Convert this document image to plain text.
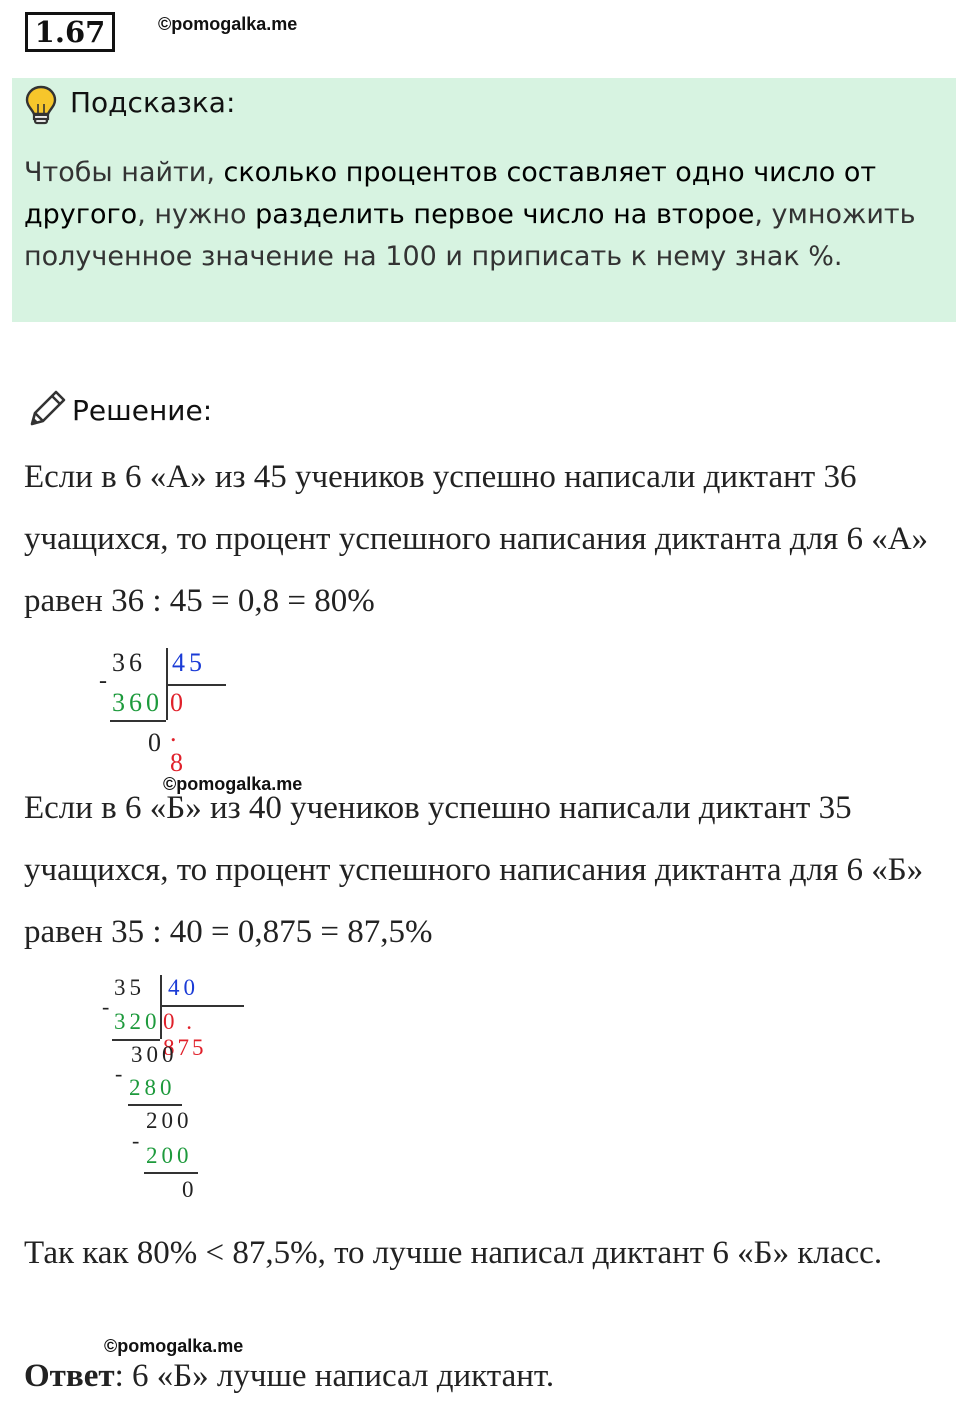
1.67	©pomogalka.me
Подсказка:
Чтобы найти, сколько процентов составляет одно число от другого, нужно разделить первое число на второе, умножить полученное значение на 100 и приписать к нему знак %.
Решение:
Если в 6 «А» из 45 учеников успешно написали диктант 36 учащихся, то процент успешного написания диктанта для 6 «А» равен 36 : 45 = 0,8 = 80%
36 45
-
360 0 . 8
0
©pomogalka.me
Если в 6 «Б» из 40 учеников успешно написали диктант 35 учащихся, то процент успешного написания диктанта для 6 «Б» равен 35 : 40 = 0,875 = 87,5%
35 40
-
320 0 . 875
300
-
280
200
-
200
0
Так как 80% < 87,5%, то лучше написал диктант 6 «Б» класс.
©pomogalka.me
Ответ: 6 «Б» лучше написал диктант.
